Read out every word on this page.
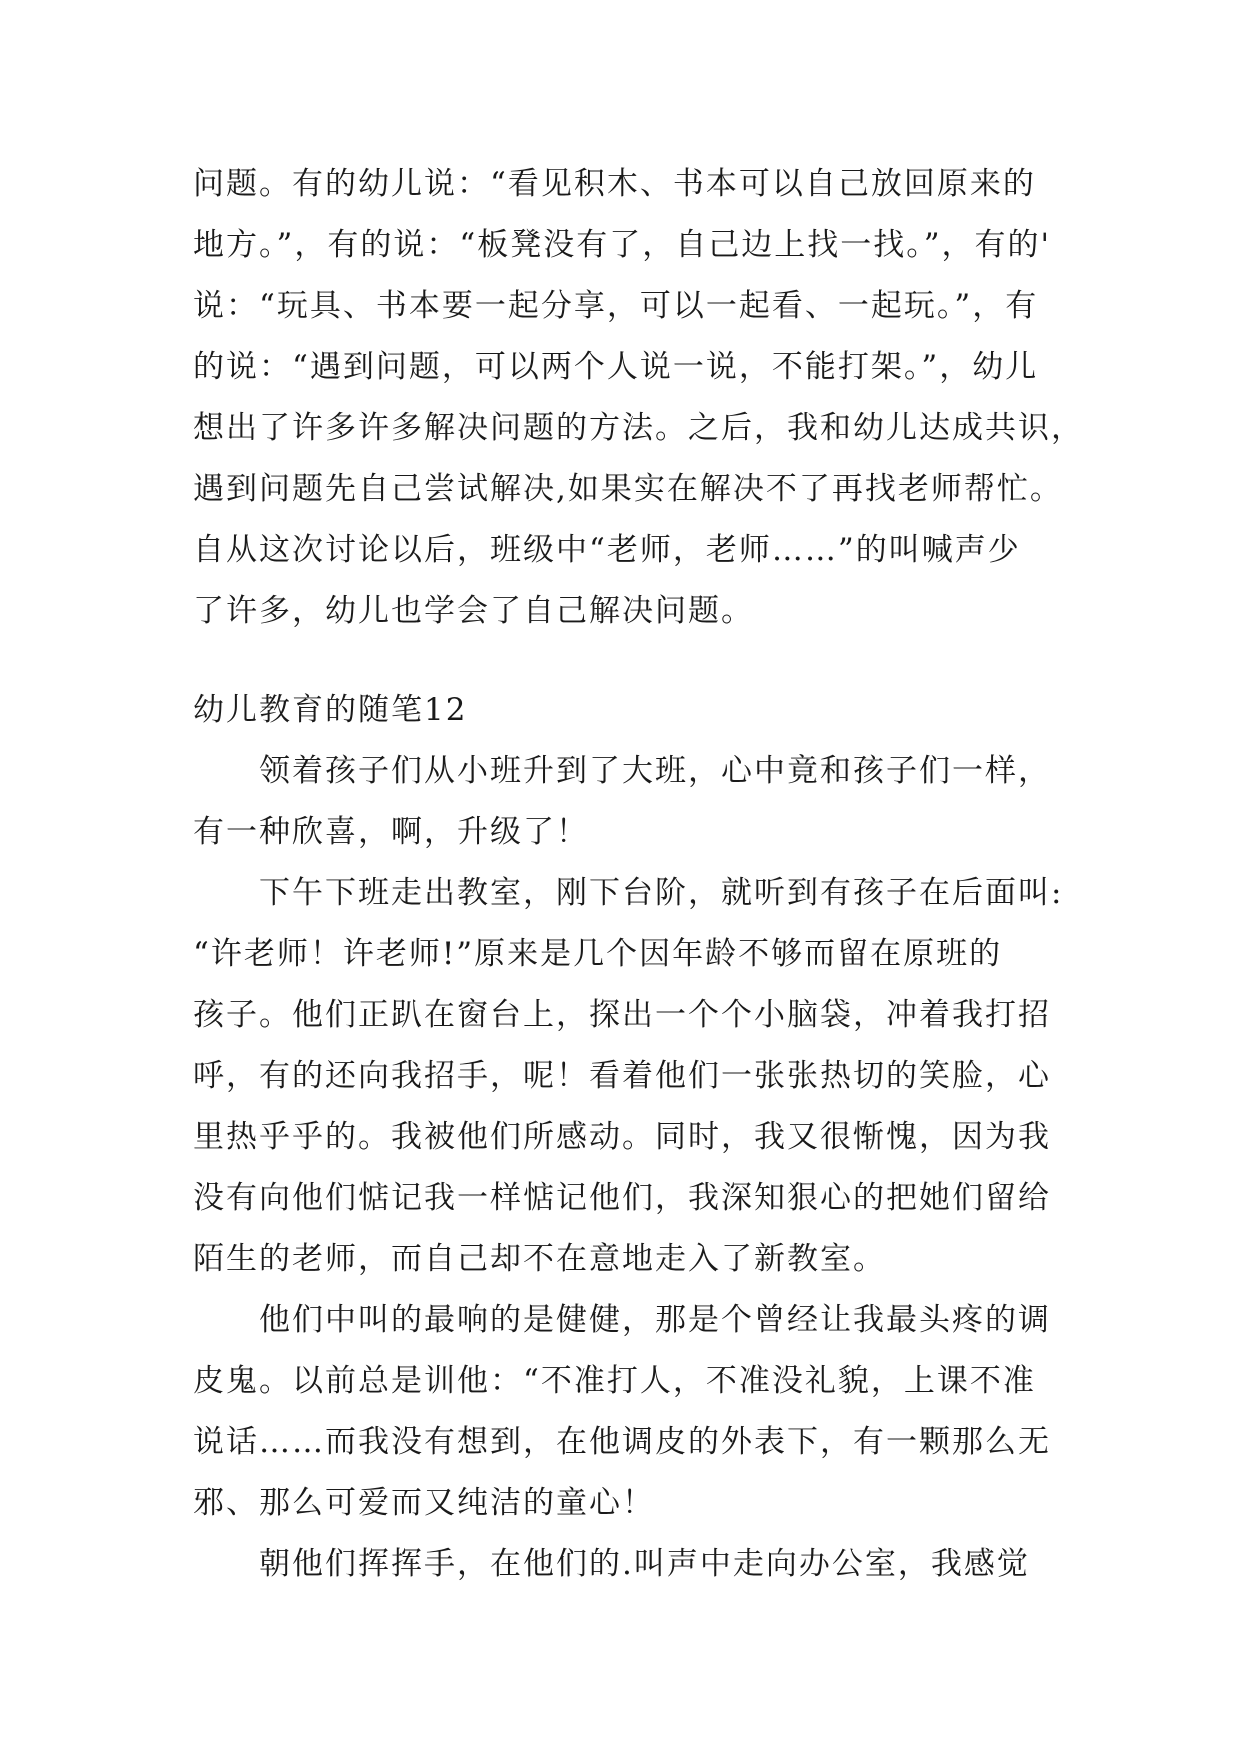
问题。有的幼儿说：“看见积木、书本可以自己放回原来的
地方。”，有的说：“板凳没有了，自己边上找一找。”，有的'
说：“玩具、书本要一起分享，可以一起看、一起玩。”，有
的说：“遇到问题，可以两个人说一说，不能打架。”，幼儿
想出了许多许多解决问题的方法。之后，我和幼儿达成共识，
遇到问题先自己尝试解决,如果实在解决不了再找老师帮忙。
自从这次讨论以后，班级中“老师，老师……”的叫喊声少
了许多，幼儿也学会了自己解决问题。
幼儿教育的随笔12
领着孩子们从小班升到了大班，心中竟和孩子们一样，
有一种欣喜，啊，升级了！
下午下班走出教室，刚下台阶，就听到有孩子在后面叫:
“许老师！许老师!”原来是几个因年龄不够而留在原班的
孩子。他们正趴在窗台上，探出一个个小脑袋，冲着我打招
呼，有的还向我招手，呢！看着他们一张张热切的笑脸，心
里热乎乎的。我被他们所感动。同时，我又很惭愧，因为我
没有向他们惦记我一样惦记他们，我深知狠心的把她们留给
陌生的老师，而自己却不在意地走入了新教室。
他们中叫的最响的是健健，那是个曾经让我最头疼的调
皮鬼。以前总是训他：“不准打人，不准没礼貌，上课不准
说话……而我没有想到，在他调皮的外表下，有一颗那么无
邪、那么可爱而又纯洁的童心！
朝他们挥挥手，在他们的.叫声中走向办公室，我感觉
